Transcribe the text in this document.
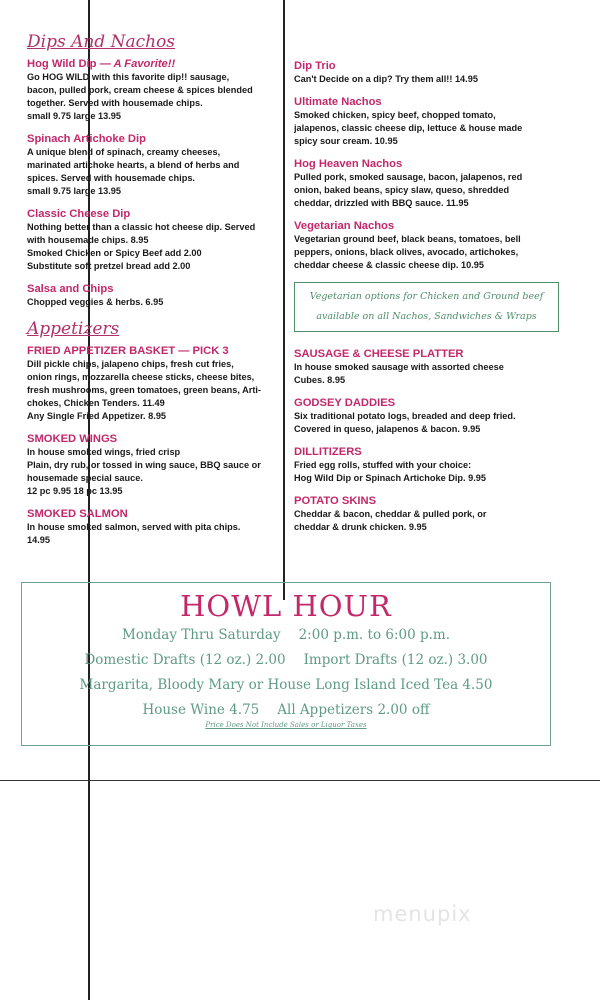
Dips And Nachos
Hog Wild Dip — A Favorite!!
Go HOG WILD with this favorite dip!! sausage,
bacon, pulled pork, cream cheese & spices blended
together. Served with housemade chips.
small 9.75 large 13.95
Spinach Artichoke Dip
A unique blend of spinach, creamy cheeses,
marinated artichoke hearts, a blend of herbs and
spices. Served with housemade chips.
small 9.75 large 13.95
Classic Cheese Dip
Nothing better than a classic hot cheese dip. Served
with housemade chips. 8.95
Smoked Chicken or Spicy Beef add 2.00
Substitute soft pretzel bread add 2.00
Salsa and Chips
Chopped veggies & herbs. 6.95
Appetizers
FRIED APPETIZER BASKET — PICK 3
Dill pickle chips, jalapeno chips, fresh cut fries,
onion rings, mozzarella cheese sticks, cheese bites,
fresh mushrooms, green tomatoes, green beans, Arti-
chokes, Chicken Tenders. 11.49
Any Single Fried Appetizer. 8.95
SMOKED WINGS
In house smoked wings, fried crisp
Plain, dry rub, or tossed in wing sauce, BBQ sauce or
housemade special sauce.
12 pc 9.95 18 pc 13.95
SMOKED SALMON
In house smoked salmon, served with pita chips.
14.95
Dip Trio
Can't Decide on a dip? Try them all!! 14.95
Ultimate Nachos
Smoked chicken, spicy beef, chopped tomato,
jalapenos, classic cheese dip, lettuce & house made
spicy sour cream. 10.95
Hog Heaven Nachos
Pulled pork, smoked sausage, bacon, jalapenos, red
onion, baked beans, spicy slaw, queso, shredded
cheddar, drizzled with BBQ sauce. 11.95
Vegetarian Nachos
Vegetarian ground beef, black beans, tomatoes, bell
peppers, onions, black olives, avocado, artichokes,
cheddar cheese & classic cheese dip. 10.95
Vegetarian options for Chicken and Ground beef
available on all Nachos, Sandwiches & Wraps
SAUSAGE & CHEESE PLATTER
In house smoked sausage with assorted cheese
Cubes. 8.95
GODSEY DADDIES
Six traditional potato logs, breaded and deep fried.
Covered in queso, jalapenos & bacon. 9.95
DILLITIZERS
Fried egg rolls, stuffed with your choice:
Hog Wild Dip or Spinach Artichoke Dip. 9.95
POTATO SKINS
Cheddar & bacon, cheddar & pulled pork, or
cheddar & drunk chicken. 9.95
HOWL HOUR
Monday Thru Saturday 2:00 p.m. to 6:00 p.m.
Domestic Drafts (12 oz.) 2.00 Import Drafts (12 oz.) 3.00
Margarita, Bloody Mary or House Long Island Iced Tea 4.50
House Wine 4.75 All Appetizers 2.00 off
Price Does Not Include Sales or Liquor Taxes
menupix
